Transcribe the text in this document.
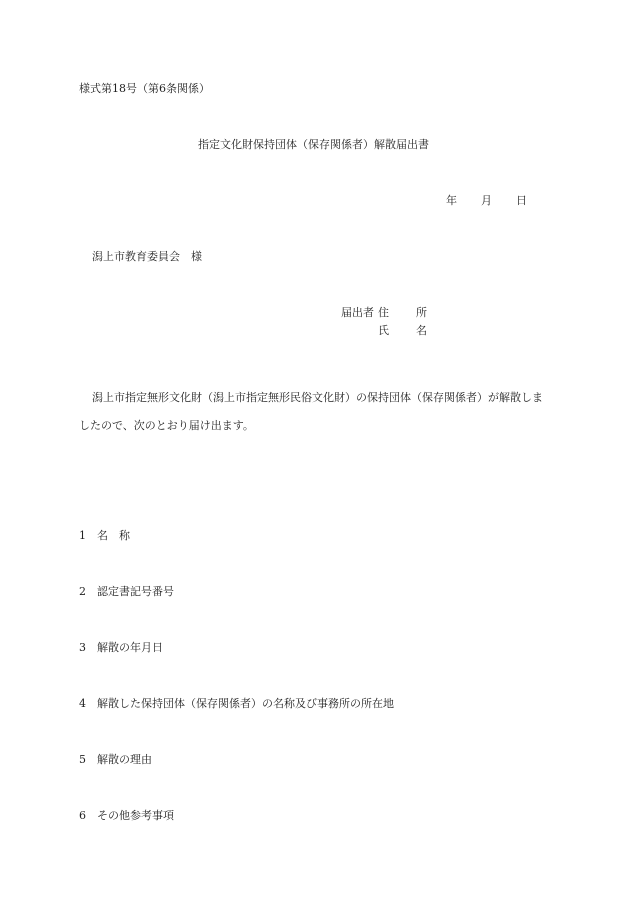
様式第18号（第6条関係）
指定文化財保持団体（保存関係者）解散届出書
年 月 日
潟上市教育委員会　様
届出者 住　所
氏　名

潟上市指定無形文化財（潟上市指定無形民俗文化財）の保持団体（保存関係者）が解散しま

したので、次のとおり届け出ます。

1	名　称
2	認定書記号番号
3	解散の年月日
4	解散した保持団体（保存関係者）の名称及び事務所の所在地
5	解散の理由
6	その他参考事項
